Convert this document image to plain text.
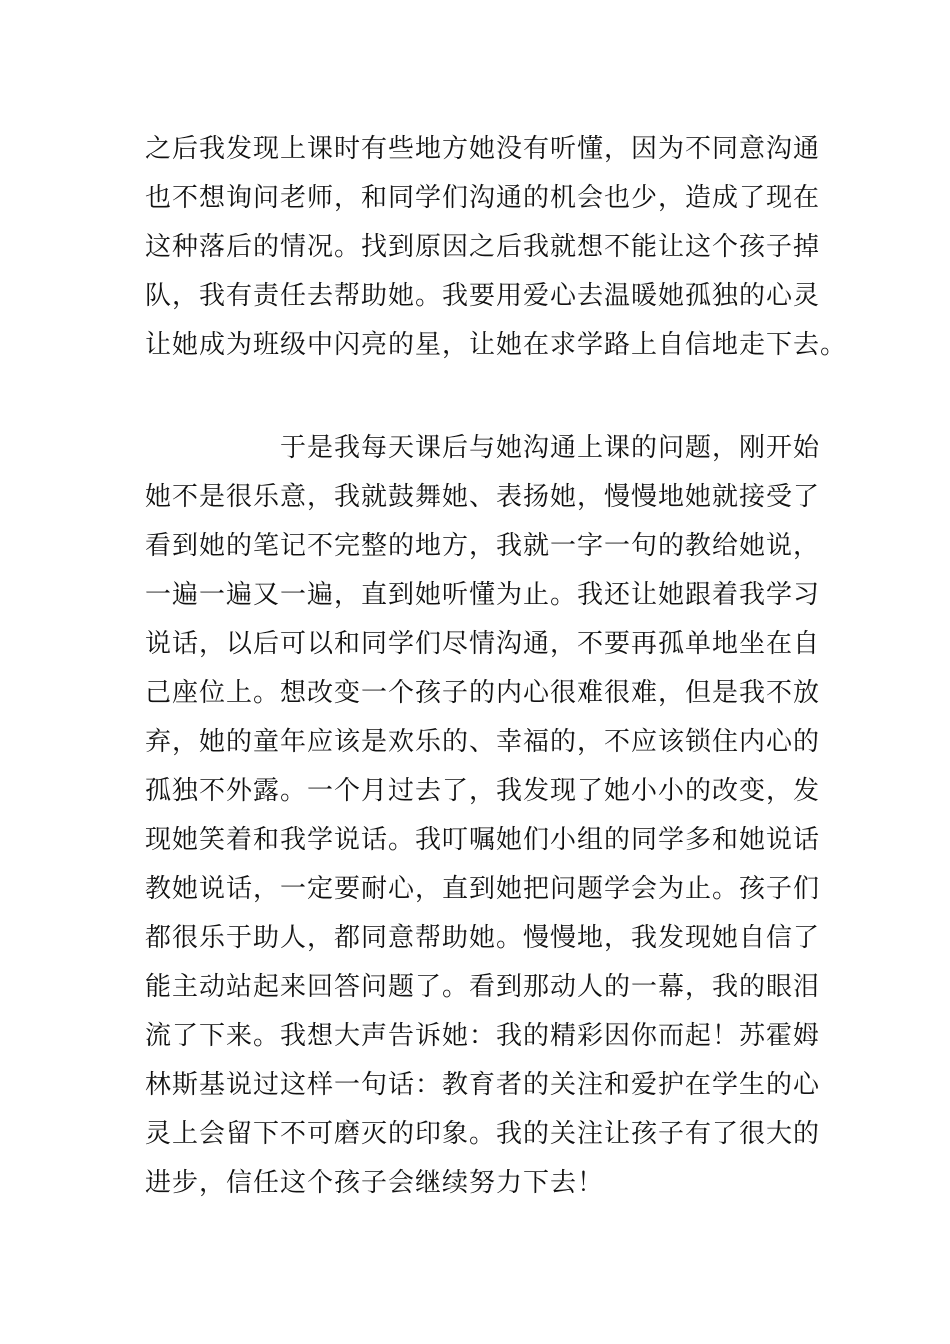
之后我发现上课时有些地方她没有听懂，因为不同意沟通
也不想询问老师，和同学们沟通的机会也少，造成了现在
这种落后的情况。找到原因之后我就想不能让这个孩子掉
队，我有责任去帮助她。我要用爱心去温暖她孤独的心灵
让她成为班级中闪亮的星，让她在求学路上自信地走下去。
　　　　　于是我每天课后与她沟通上课的问题，刚开始
她不是很乐意，我就鼓舞她、表扬她，慢慢地她就接受了
看到她的笔记不完整的地方，我就一字一句的教给她说，
一遍一遍又一遍，直到她听懂为止。我还让她跟着我学习
说话，以后可以和同学们尽情沟通，不要再孤单地坐在自
己座位上。想改变一个孩子的内心很难很难，但是我不放
弃，她的童年应该是欢乐的、幸福的，不应该锁住内心的
孤独不外露。一个月过去了，我发现了她小小的改变，发
现她笑着和我学说话。我叮嘱她们小组的同学多和她说话
教她说话，一定要耐心，直到她把问题学会为止。孩子们
都很乐于助人，都同意帮助她。慢慢地，我发现她自信了
能主动站起来回答问题了。看到那动人的一幕，我的眼泪
流了下来。我想大声告诉她：我的精彩因你而起！苏霍姆
林斯基说过这样一句话：教育者的关注和爱护在学生的心
灵上会留下不可磨灭的印象。我的关注让孩子有了很大的
进步，信任这个孩子会继续努力下去！
